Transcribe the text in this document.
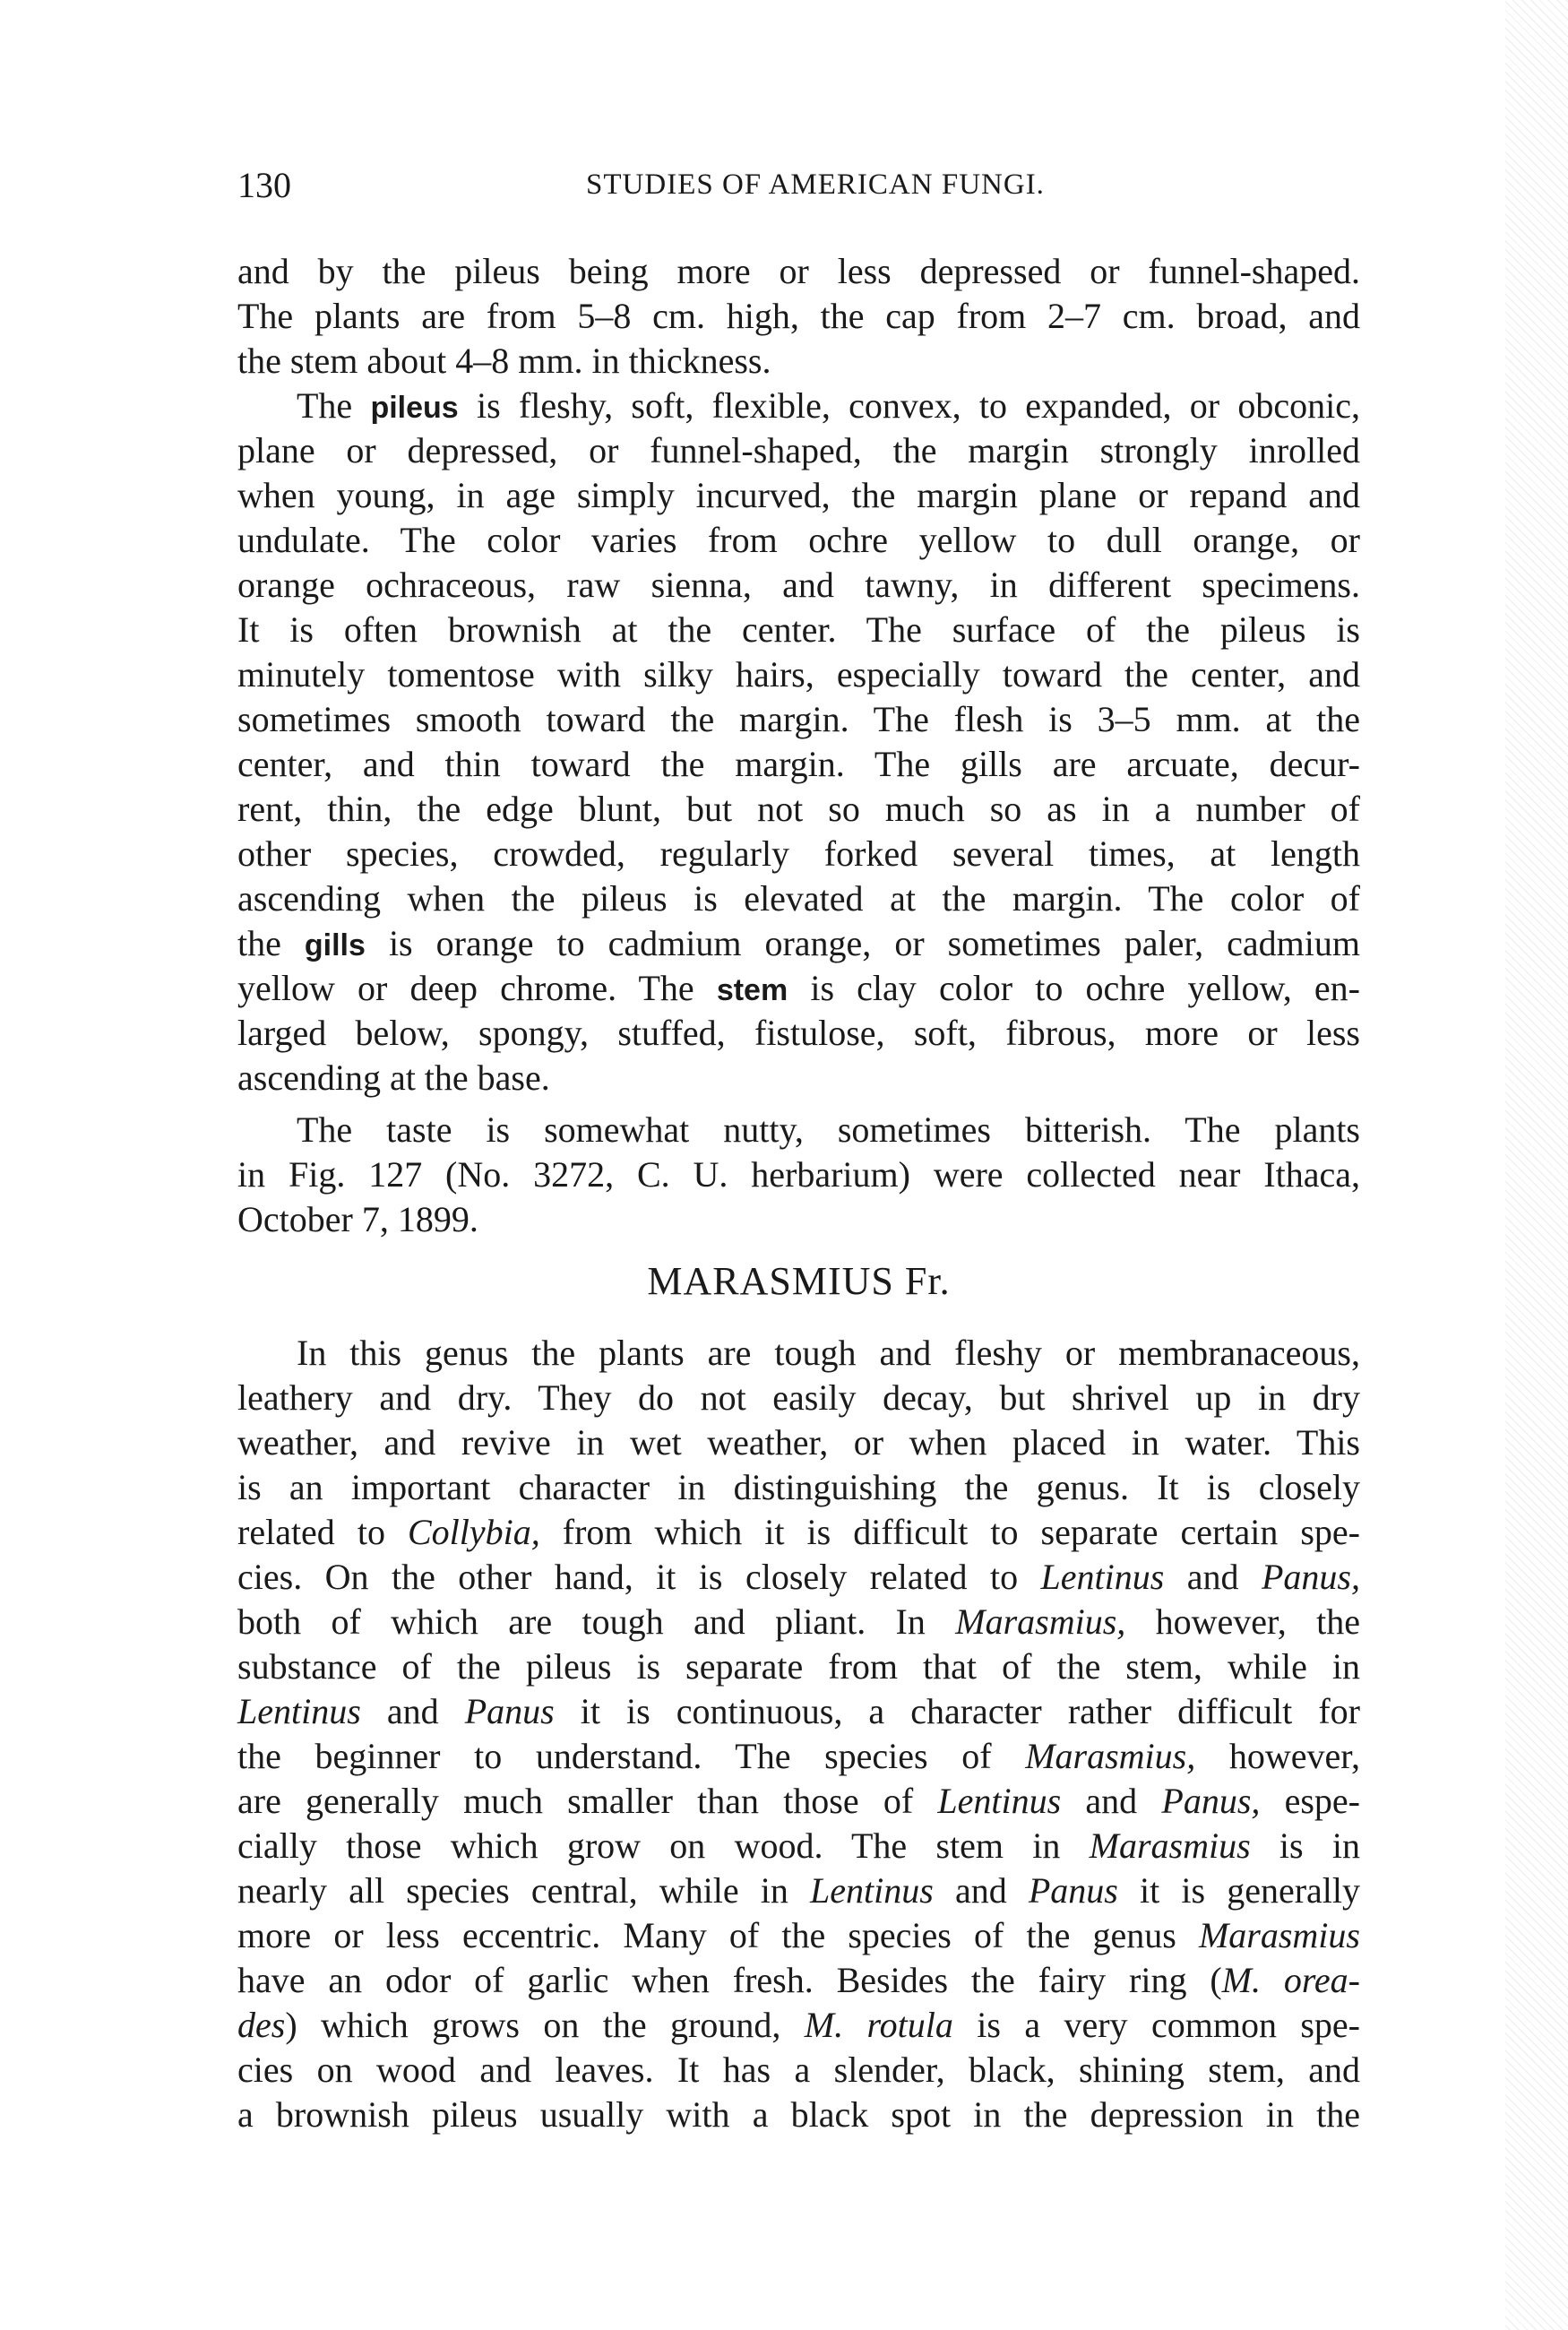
130	STUDIES OF AMERICAN FUNGI.
and by the pileus being more or less depressed or funnel-shaped.
The plants are from 5–8 cm. high, the cap from 2–7 cm. broad, and
the stem about 4–8 mm. in thickness.
The pileus is fleshy, soft, flexible, convex, to expanded, or obconic,
plane or depressed, or funnel-shaped, the margin strongly inrolled
when young, in age simply incurved, the margin plane or repand and
undulate. The color varies from ochre yellow to dull orange, or
orange ochraceous, raw sienna, and tawny, in different specimens.
It is often brownish at the center. The surface of the pileus is
minutely tomentose with silky hairs, especially toward the center, and
sometimes smooth toward the margin. The flesh is 3–5 mm. at the
center, and thin toward the margin. The gills are arcuate, decur-
rent, thin, the edge blunt, but not so much so as in a number of
other species, crowded, regularly forked several times, at length
ascending when the pileus is elevated at the margin. The color of
the gills is orange to cadmium orange, or sometimes paler, cadmium
yellow or deep chrome. The stem is clay color to ochre yellow, en-
larged below, spongy, stuffed, fistulose, soft, fibrous, more or less
ascending at the base.
The taste is somewhat nutty, sometimes bitterish. The plants
in Fig. 127 (No. 3272, C. U. herbarium) were collected near Ithaca,
October 7, 1899.
MARASMIUS Fr.
In this genus the plants are tough and fleshy or membranaceous,
leathery and dry. They do not easily decay, but shrivel up in dry
weather, and revive in wet weather, or when placed in water. This
is an important character in distinguishing the genus. It is closely
related to Collybia, from which it is difficult to separate certain spe-
cies. On the other hand, it is closely related to Lentinus and Panus,
both of which are tough and pliant. In Marasmius, however, the
substance of the pileus is separate from that of the stem, while in
Lentinus and Panus it is continuous, a character rather difficult for
the beginner to understand. The species of Marasmius, however,
are generally much smaller than those of Lentinus and Panus, espe-
cially those which grow on wood. The stem in Marasmius is in
nearly all species central, while in Lentinus and Panus it is generally
more or less eccentric. Many of the species of the genus Marasmius
have an odor of garlic when fresh. Besides the fairy ring (M. orea-
des) which grows on the ground, M. rotula is a very common spe-
cies on wood and leaves. It has a slender, black, shining stem, and
a brownish pileus usually with a black spot in the depression in the
